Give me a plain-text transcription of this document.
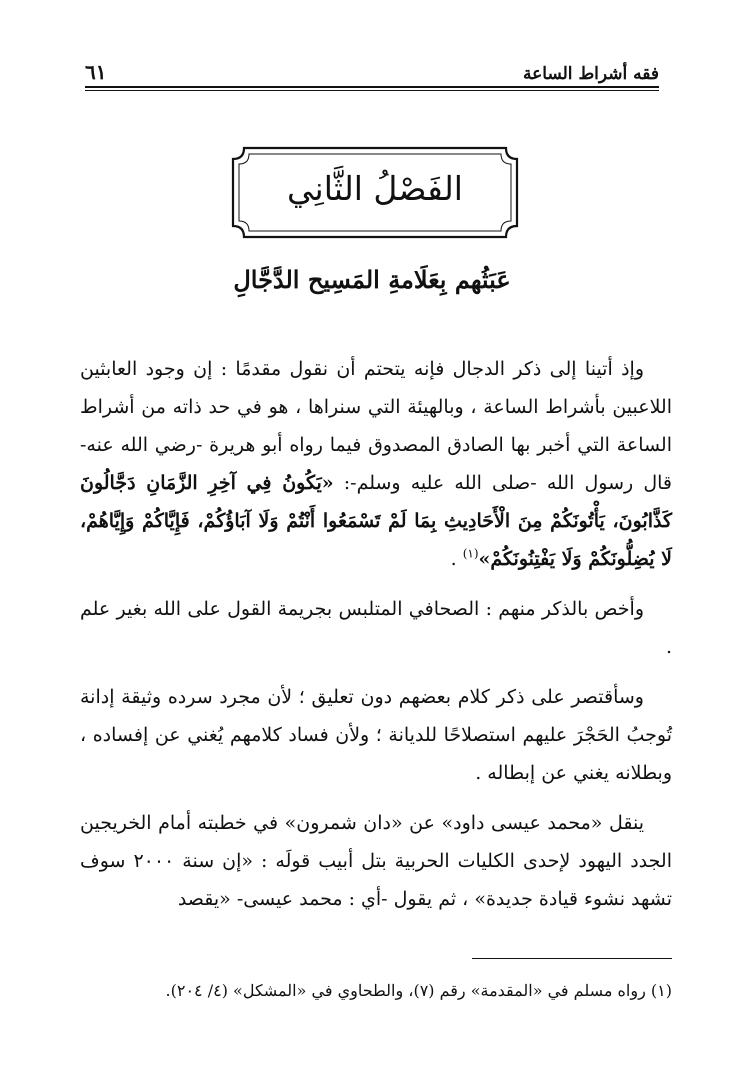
٦١	فقه أشراط الساعة
الفَصْلُ الثَّانِي
عَبَثُهم بِعَلَامةِ المَسِيح الدَّجَّالِ

وإذ أتينا إلى ذكر الدجال فإنه يتحتم أن نقول مقدمًا : إن وجود العابثين اللاعبين بأشراط الساعة ، وبالهيئة التي سنراها ، هو في حد ذاته من أشراط الساعة التي أخبر بها الصادق المصدوق فيما رواه أبو هريرة -رضي الله عنه-قال رسول الله -صلى الله عليه وسلم-: «يَكُونُ فِي آخِرِ الزَّمَانِ دَجَّالُونَ كَذَّابُونَ، يَأْتُونَكُمْ مِنَ الْأَحَادِيثِ بِمَا لَمْ تَسْمَعُوا أَنْتُمْ وَلَا آبَاؤُكُمْ، فَإِيَّاكُمْ وَإِيَّاهُمْ، لَا يُضِلُّونَكُمْ وَلَا يَفْتِنُونَكُمْ»$^{(١)}$ .

وأخص بالذكر منهم : الصحافي المتلبس بجريمة القول على الله بغير علم .

وسأقتصر على ذكر كلام بعضهم دون تعليق ؛ لأن مجرد سرده وثيقة إدانة تُوجبُ الحَجْرَ عليهم استصلاحًا للديانة ؛ ولأن فساد كلامهم يُغني عن إفساده ، وبطلانه يغني عن إبطاله .

ينقل «محمد عيسى داود» عن «دان شمرون» في خطبته أمام الخريجين الجدد اليهود لإحدى الكليات الحربية بتل أبيب قولَه : «إن سنة ٢٠٠٠ سوف تشهد نشوء قيادة جديدة» ، ثم يقول -أي : محمد عيسى- «يقصد

(١) رواه مسلم في «المقدمة» رقم (٧)، والطحاوي في «المشكل» (٤/ ٢٠٤).
